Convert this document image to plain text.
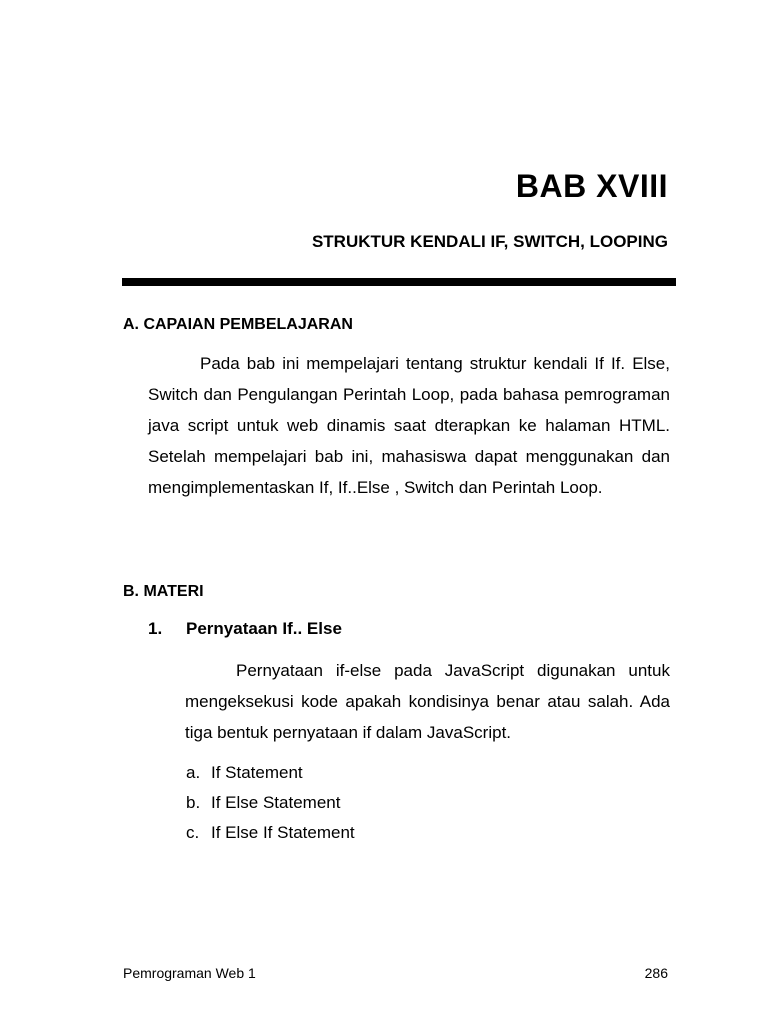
BAB XVIII
STRUKTUR KENDALI IF, SWITCH, LOOPING
A. CAPAIAN PEMBELAJARAN

Pada bab ini mempelajari tentang struktur kendali If If. Else, Switch dan Pengulangan Perintah Loop, pada bahasa pemrograman java script untuk web dinamis saat dterapkan ke halaman HTML. Setelah mempelajari bab ini, mahasiswa dapat menggunakan dan mengimplementaskan If, If..Else , Switch dan Perintah Loop.

B. MATERI
1. Pernyataan If.. Else

Pernyataan if-else pada JavaScript digunakan untuk mengeksekusi kode apakah kondisinya benar atau salah. Ada tiga bentuk pernyataan if dalam JavaScript.

a. If Statement
b. If Else Statement
c. If Else If Statement

Pemrograman Web 1	286
